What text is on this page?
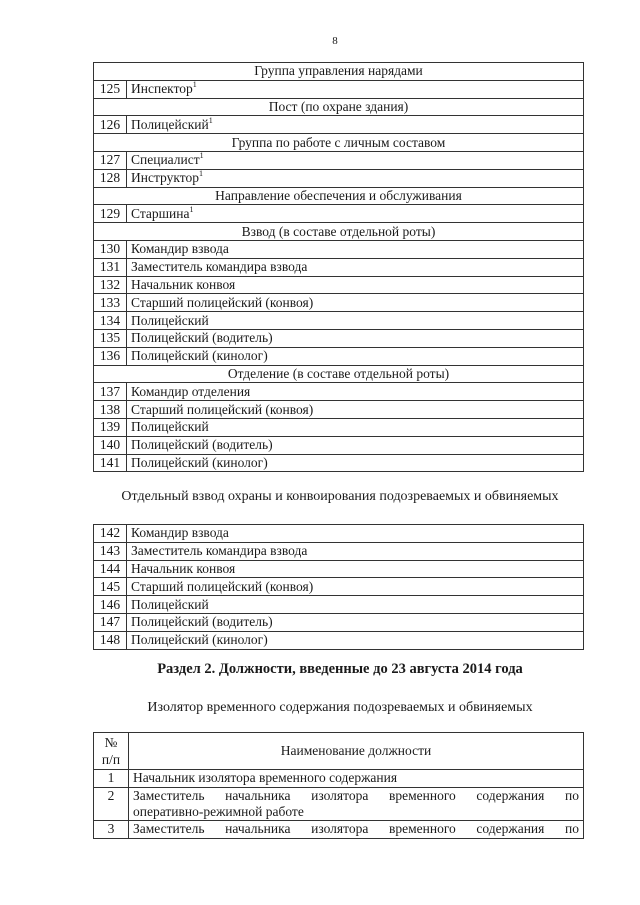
8
Группа управления нарядами	
125	Инспектор$^1$
Пост (по охране здания)	
126	Полицейский$^1$
Группа по работе с личным составом	
127	Специалист$^1$
128	Инструктор$^1$
Направление обеспечения и обслуживания	
129	Старшина$^1$
Взвод (в составе отдельной роты)	
130	Командир взвода
131	Заместитель командира взвода
132	Начальник конвоя
133	Старший полицейский (конвоя)
134	Полицейский
135	Полицейский (водитель)
136	Полицейский (кинолог)
Отделение (в составе отдельной роты)	
137	Командир отделения
138	Старший полицейский (конвоя)
139	Полицейский
140	Полицейский (водитель)
141	Полицейский (кинолог)
Отдельный взвод охраны и конвоирования подозреваемых и обвиняемых
142	Командир взвода
143	Заместитель командира взвода
144	Начальник конвоя
145	Старший полицейский (конвоя)
146	Полицейский
147	Полицейский (водитель)
148	Полицейский (кинолог)
Раздел 2. Должности, введенные до 23 августа 2014 года
Изолятор временного содержания подозреваемых и обвиняемых
№
п/п	Наименование должности
1	Начальник изолятора временного содержания
2	Заместитель начальника изолятора временного содержания по
оперативно-режимной работе

3	Заместитель начальника изолятора временного содержания по
